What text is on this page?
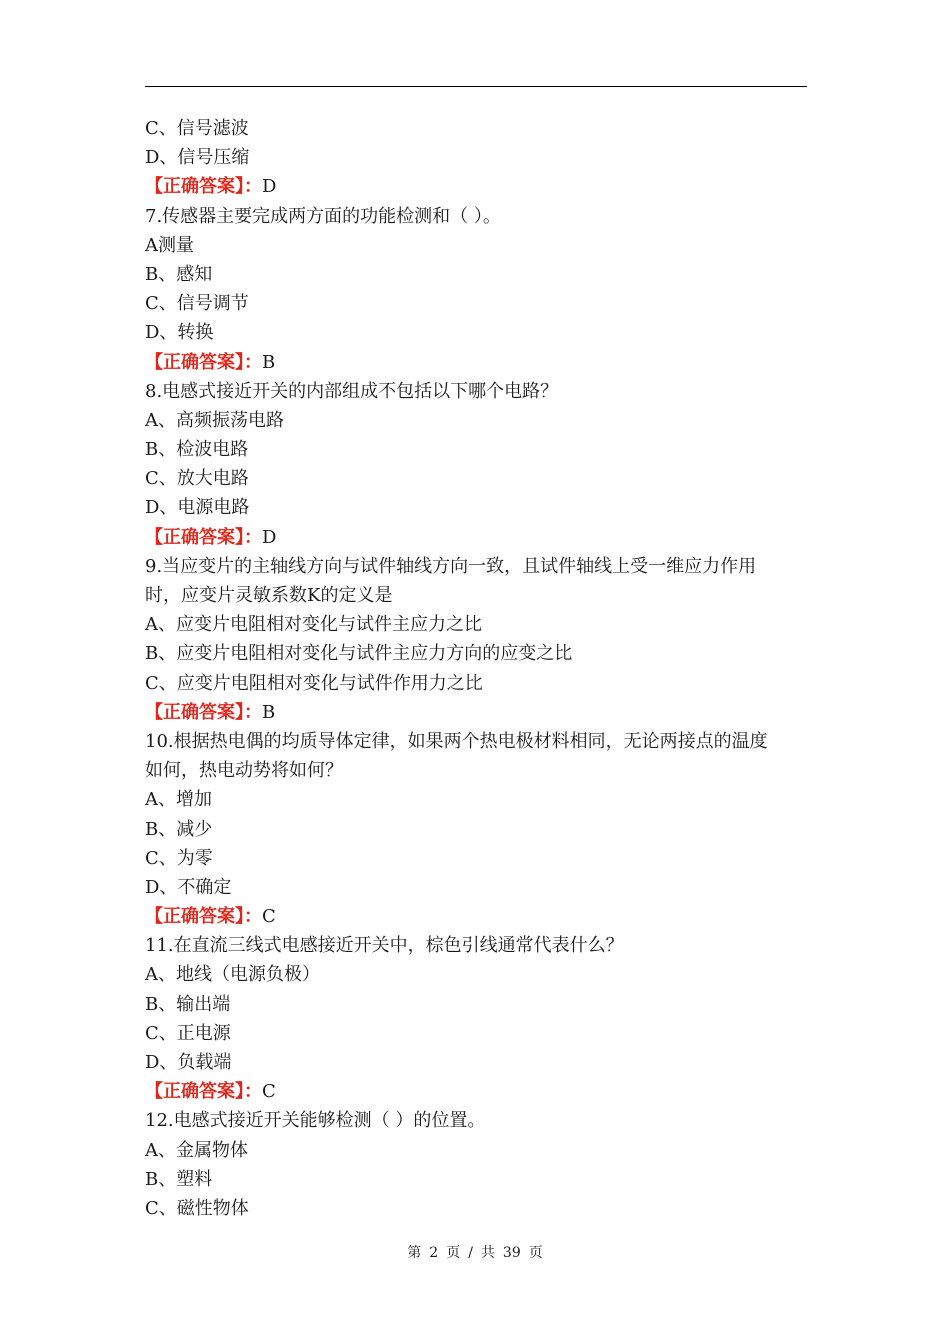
C、信号滤波
D、信号压缩
【正确答案】：D
7.传感器主要完成两方面的功能检测和（ ）。
A测量
B、感知
C、信号调节
D、转换
【正确答案】：B
8.电感式接近开关的内部组成不包括以下哪个电路？
A、高频振荡电路
B、检波电路
C、放大电路
D、电源电路
【正确答案】：D
9.当应变片的主轴线方向与试件轴线方向一致，且试件轴线上受一维应力作用
时，应变片灵敏系数K的定义是
A、应变片电阻相对变化与试件主应力之比
B、应变片电阻相对变化与试件主应力方向的应变之比
C、应变片电阻相对变化与试件作用力之比
【正确答案】：B
10.根据热电偶的均质导体定律，如果两个热电极材料相同，无论两接点的温度
如何，热电动势将如何？
A、增加
B、减少
C、为零
D、不确定
【正确答案】：C
11.在直流三线式电感接近开关中，棕色引线通常代表什么？
A、地线（电源负极）
B、输出端
C、正电源
D、负载端
【正确答案】：C
12.电感式接近开关能够检测（ ）的位置。
A、金属物体
B、塑料
C、磁性物体
第 2 页 / 共 39 页
